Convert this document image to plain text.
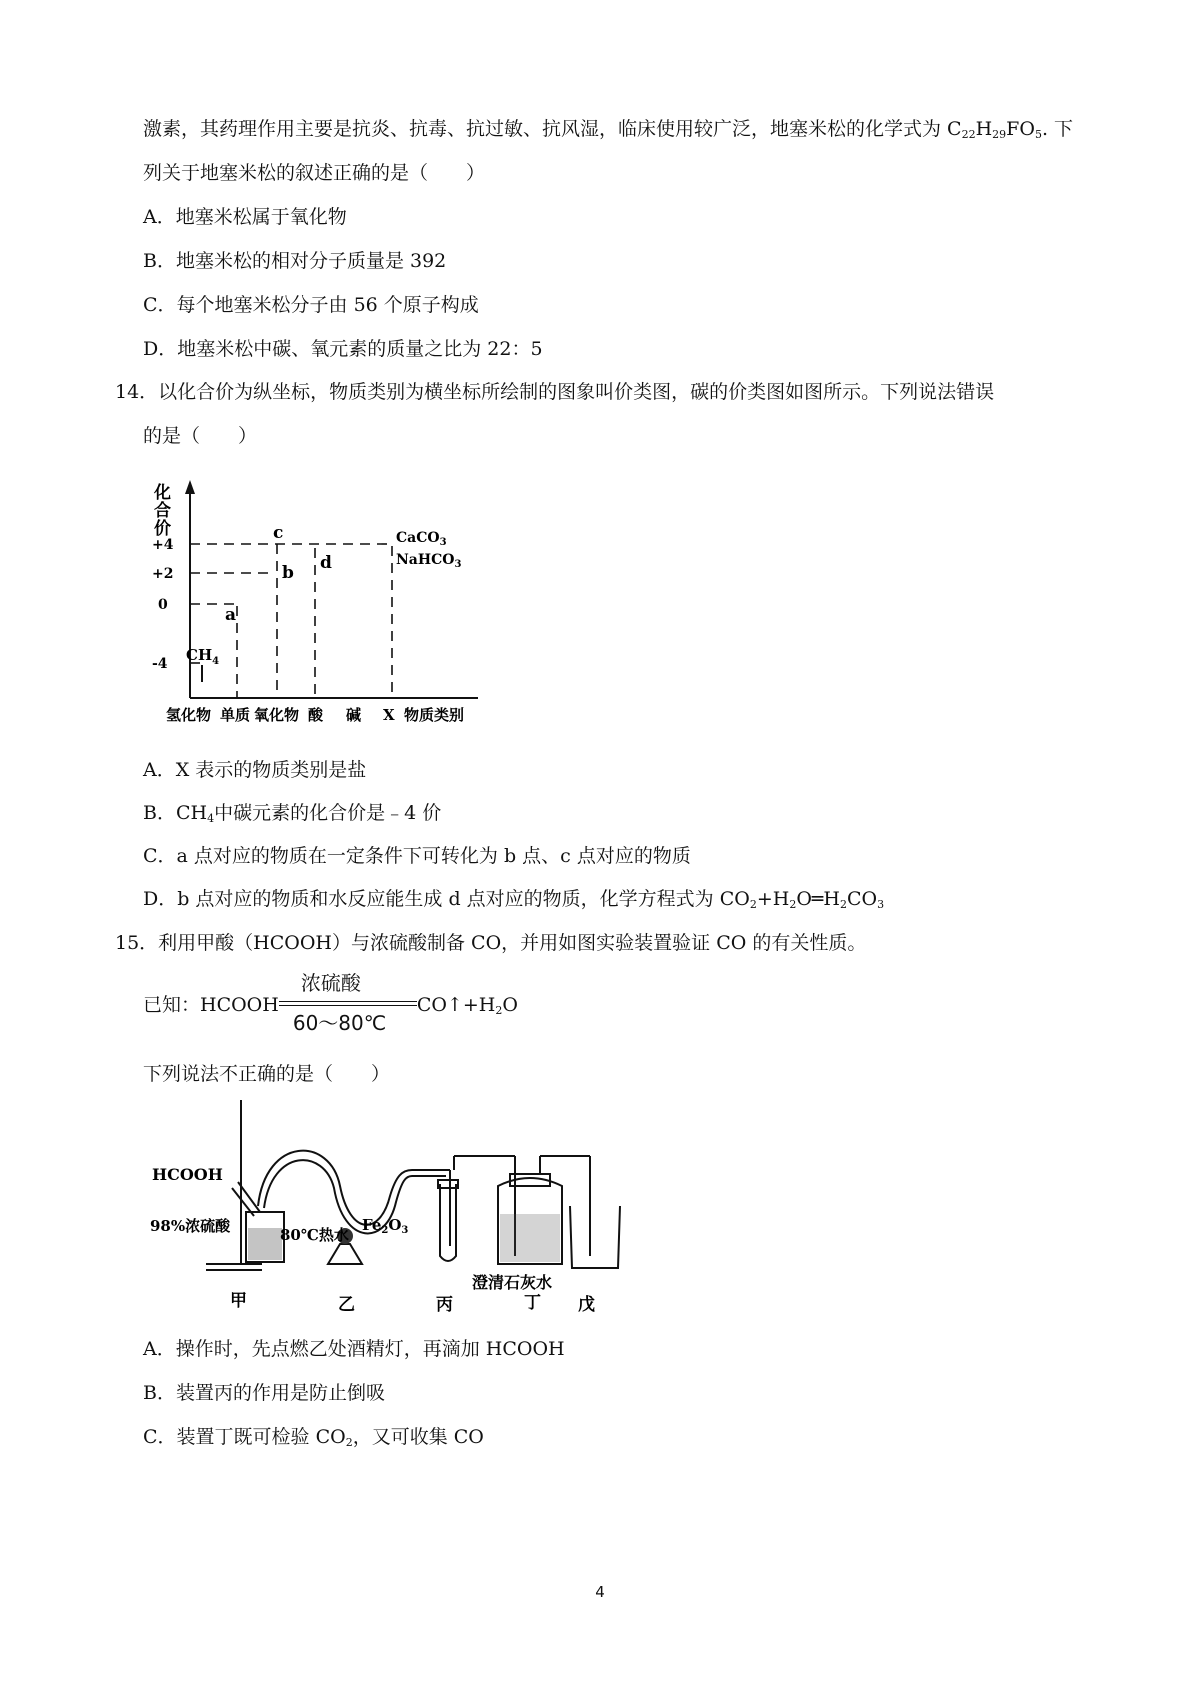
激素，其药理作用主要是抗炎、抗毒、抗过敏、抗风湿，临床使用较广泛，地塞米松的化学式为 $C_{22}H_{29}FO_5$. 下
列关于地塞米松的叙述正确的是（　　）
A．地塞米松属于氧化物
B．地塞米松的相对分子质量是 392
C．每个地塞米松分子由 56 个原子构成
D．地塞米松中碳、氧元素的质量之比为 22：5
14．以化合价为纵坐标，物质类别为横坐标所绘制的图象叫价类图，碳的价类图如图所示。下列说法错误
的是（　　）
化
合
价
+4
+2
0
-4 $CH_4$
a
c
b d
CaCO$_3$
NaHCO$_3$
氢化物 单质 氧化物 酸 碱 X 物质类别
A．X 表示的物质类别是盐
B．$CH_4$中碳元素的化合价是﹣4 价
C．a 点对应的物质在一定条件下可转化为 b 点、c 点对应的物质
D．b 点对应的物质和水反应能生成 d 点对应的物质，化学方程式为 $CO_2+H_2O═H_2CO_3$
15．利用甲酸（HCOOH）与浓硫酸制备 CO，并用如图实验装置验证 CO 的有关性质。
已知：HCOOH
浓硫酸
60～80℃
$CO↑+H_2O$
下列说法不正确的是（　　）
HCOOH
98%浓硫酸	80℃热水
$Fe_2O_3$
澄清石灰水
甲	乙	丙	丁 戊
A．操作时，先点燃乙处酒精灯，再滴加 HCOOH
B．装置丙的作用是防止倒吸
C．装置丁既可检验 $CO_2$，又可收集 CO
4
